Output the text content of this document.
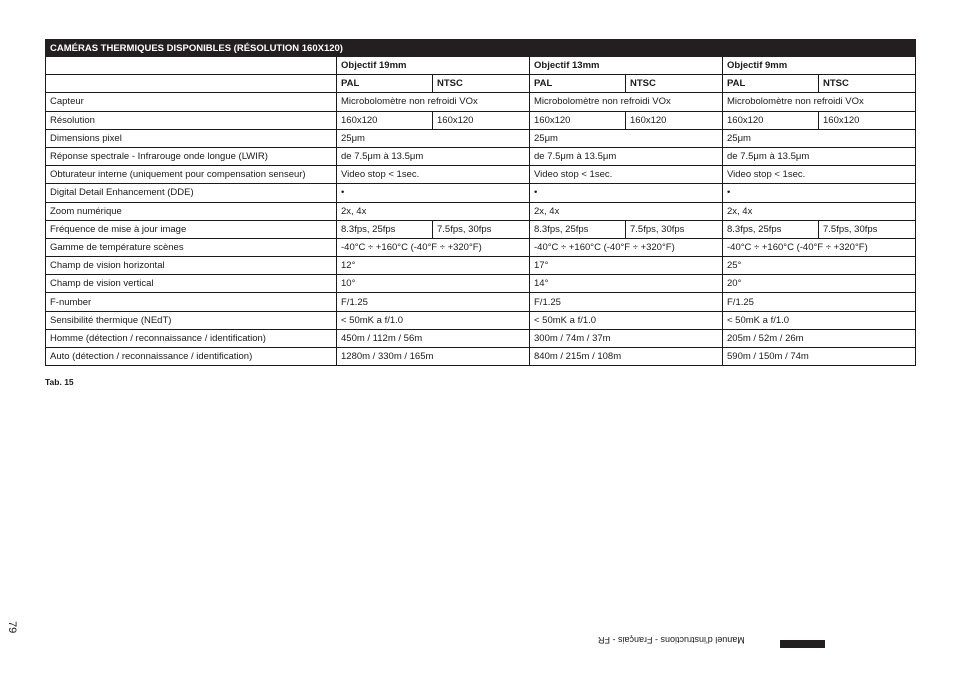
CAMÉRAS THERMIQUES DISPONIBLES (RÉSOLUTION 160X120)						
	Objectif 19mm		Objectif 13mm		Objectif 9mm	
	PAL	NTSC	PAL	NTSC	PAL	NTSC
Capteur	Microbolomètre non refroidi VOx		Microbolomètre non refroidi VOx		Microbolomètre non refroidi VOx	
Résolution	160x120	160x120	160x120	160x120	160x120	160x120
Dimensions pixel	25μm		25μm		25μm	
Réponse spectrale - Infrarouge onde longue (LWIR)	de 7.5μm à 13.5μm		de 7.5μm à 13.5μm		de 7.5μm à 13.5μm	
Obturateur interne (uniquement pour compensation senseur)	Video stop < 1sec.		Video stop < 1sec.		Video stop < 1sec.	
Digital Detail Enhancement (DDE)	•		•		•	
Zoom numérique	2x, 4x		2x, 4x		2x, 4x	
Fréquence de mise à jour image	8.3fps, 25fps	7.5fps, 30fps	8.3fps, 25fps	7.5fps, 30fps	8.3fps, 25fps	7.5fps, 30fps
Gamme de température scènes	-40°C ÷ +160°C (-40°F ÷ +320°F)		-40°C ÷ +160°C (-40°F ÷ +320°F)		-40°C ÷ +160°C (-40°F ÷ +320°F)	
Champ de vision horizontal	12°		17°		25°	
Champ de vision vertical	10°		14°		20°	
F-number	F/1.25		F/1.25		F/1.25	
Sensibilité thermique (NEdT)	< 50mK a f/1.0		< 50mK a f/1.0		< 50mK a f/1.0	
Homme (détection / reconnaissance / identification)	450m / 112m / 56m		300m / 74m / 37m		205m / 52m / 26m	
Auto (détection / reconnaissance / identification)	1280m / 330m / 165m		840m / 215m / 108m		590m / 150m / 74m	
Tab. 15
79
Manuel d'instructions - Français - FR
